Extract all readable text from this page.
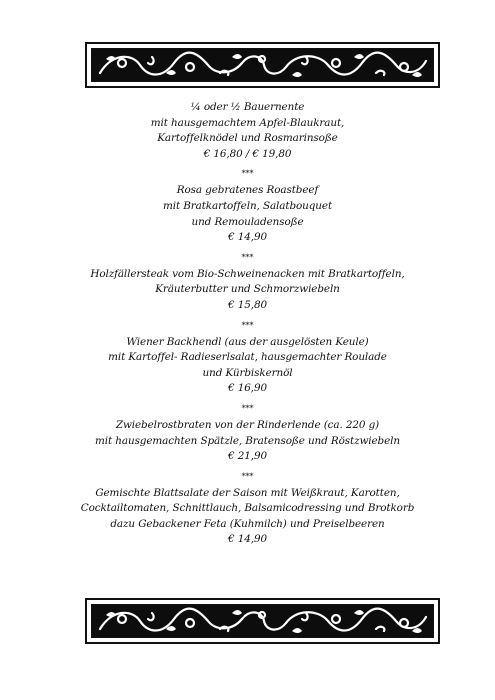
¼ oder ½ Bauernente
mit hausgemachtem Apfel-Blaukraut,
Kartoffelknödel und Rosmarinsoße
€ 16,80 / € 19,80
***
Rosa gebratenes Roastbeef
mit Bratkartoffeln, Salatbouquet
und Remouladensoße
€ 14,90
***
Holzfällersteak vom Bio-Schweinenacken mit Bratkartoffeln,
Kräuterbutter und Schmorzwiebeln
€ 15,80
***
Wiener Backhendl (aus der ausgelösten Keule)
mit Kartoffel- Radieserlsalat, hausgemachter Roulade
und Kürbiskernöl
€ 16,90
***
Zwiebelrostbraten von der Rinderlende (ca. 220 g)
mit hausgemachten Spätzle, Bratensoße und Röstzwiebeln
€ 21,90
***
Gemischte Blattsalate der Saison mit Weißkraut, Karotten,
Cocktailtomaten, Schnittlauch, Balsamicodressing und Brotkorb
dazu Gebackener Feta (Kuhmilch) und Preiselbeeren
€ 14,90
